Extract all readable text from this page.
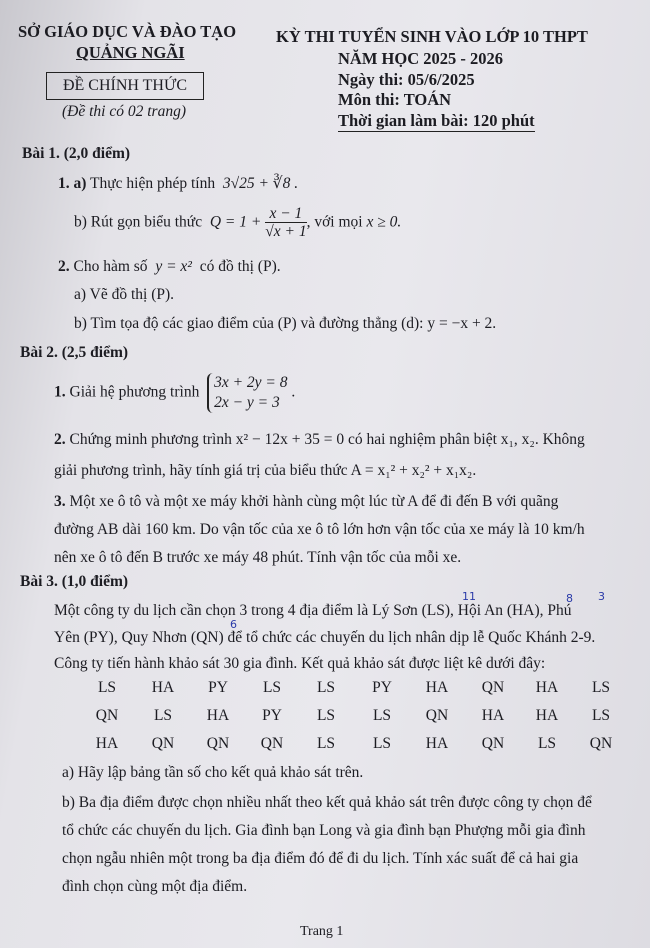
SỞ GIÁO DỤC VÀ ĐÀO TẠO
QUẢNG NGÃI
ĐỀ CHÍNH THỨC
(Đề thi có 02 trang)
KỲ THI TUYỂN SINH VÀO LỚP 10 THPT
NĂM HỌC 2025 - 2026
Ngày thi: 05/6/2025
Môn thi: TOÁN
Thời gian làm bài: 120 phút
Bài 1. (2,0 điểm)
1. a) Thực hiện phép tính  3√25 + ∛8 .
b) Rút gọn biểu thức  $Q = 1 + \frac{x - 1}{√x + 1}$ , với mọi x ≥ 0.
2. Cho hàm số  y = x²  có đồ thị (P).
a) Vẽ đồ thị (P).
b) Tìm tọa độ các giao điểm của (P) và đường thẳng (d): y = −x + 2.
Bài 2. (2,5 điểm)
1. Giải hệ phương trình
3x + 2y = 8
2x − y = 3
.
2. Chứng minh phương trình x² − 12x + 35 = 0 có hai nghiệm phân biệt x₁, x₂. Không
giải phương trình, hãy tính giá trị của biểu thức A = x₁² + x₂² + x₁x₂.
3. Một xe ô tô và một xe máy khởi hành cùng một lúc từ A để đi đến B với quãng
đường AB dài 160 km. Do vận tốc của xe ô tô lớn hơn vận tốc của xe máy là 10 km/h
nên xe ô tô đến B trước xe máy 48 phút. Tính vận tốc của mỗi xe.
Bài 3. (1,0 điểm)
Một công ty du lịch cần chọn 3 trong 4 địa điểm là Lý Sơn (LS), Hội An (HA), Phú
Yên (PY), Quy Nhơn (QN) để tổ chức các chuyến du lịch nhân dịp lễ Quốc Khánh 2-9.
Công ty tiến hành khảo sát 30 gia đình. Kết quả khảo sát được liệt kê dưới đây:
11	8 3
6
LS	HA	PY	LS	LS	PY	HA QN HA	LS
QN	LS	HA	PY	LS	LS	QN HA HA	LS
HA QN QN QN	LS	LS	HA QN	LS	QN
a) Hãy lập bảng tần số cho kết quả khảo sát trên.
b) Ba địa điểm được chọn nhiều nhất theo kết quả khảo sát trên được công ty chọn để
tổ chức các chuyến du lịch. Gia đình bạn Long và gia đình bạn Phượng mỗi gia đình
chọn ngẫu nhiên một trong ba địa điểm đó để đi du lịch. Tính xác suất để cả hai gia
đình chọn cùng một địa điểm.
Trang 1
